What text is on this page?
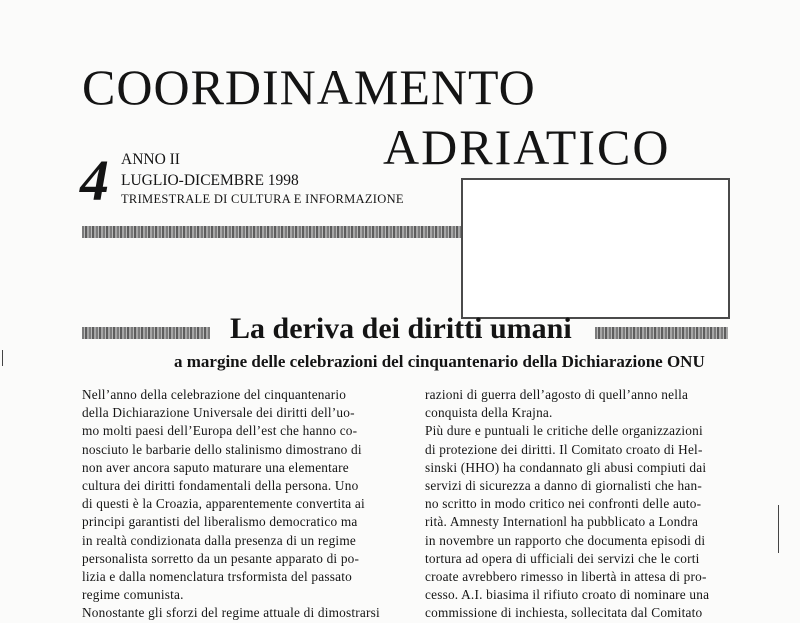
COORDINAMENTO
ADRIATICO
4 ANNO II
LUGLIO-DICEMBRE 1998
TRIMESTRALE DI CULTURA E INFORMAZIONE
La deriva dei diritti umani
a margine delle celebrazioni del cinquantenario della Dichiarazione ONU
Nell’anno della celebrazione del cinquantenario
della Dichiarazione Universale dei diritti dell’uo-
mo molti paesi dell’Europa dell’est che hanno co-
nosciuto le barbarie dello stalinismo dimostrano di
non aver ancora saputo maturare una elementare
cultura dei diritti fondamentali della persona. Uno
di questi è la Croazia, apparentemente convertita ai
principi garantisti del liberalismo democratico ma
in realtà condizionata dalla presenza di un regime
personalista sorretto da un pesante apparato di po-
lizia e dalla nomenclatura trsformista del passato
regime comunista.
Nonostante gli sforzi del regime attuale di dimostrarsi
razioni di guerra dell’agosto di quell’anno nella
conquista della Krajna.
Più dure e puntuali le critiche delle organizzazioni
di protezione dei diritti. Il Comitato croato di Hel-
sinski (HHO) ha condannato gli abusi compiuti dai
servizi di sicurezza a danno di giornalisti che han-
no scritto in modo critico nei confronti delle auto-
rità. Amnesty Internationl ha pubblicato a Londra
in novembre un rapporto che documenta episodi di
tortura ad opera di ufficiali dei servizi che le corti
croate avrebbero rimesso in libertà in attesa di pro-
cesso. A.I. biasima il rifiuto croato di nominare una
commissione di inchiesta, sollecitata dal Comitato
